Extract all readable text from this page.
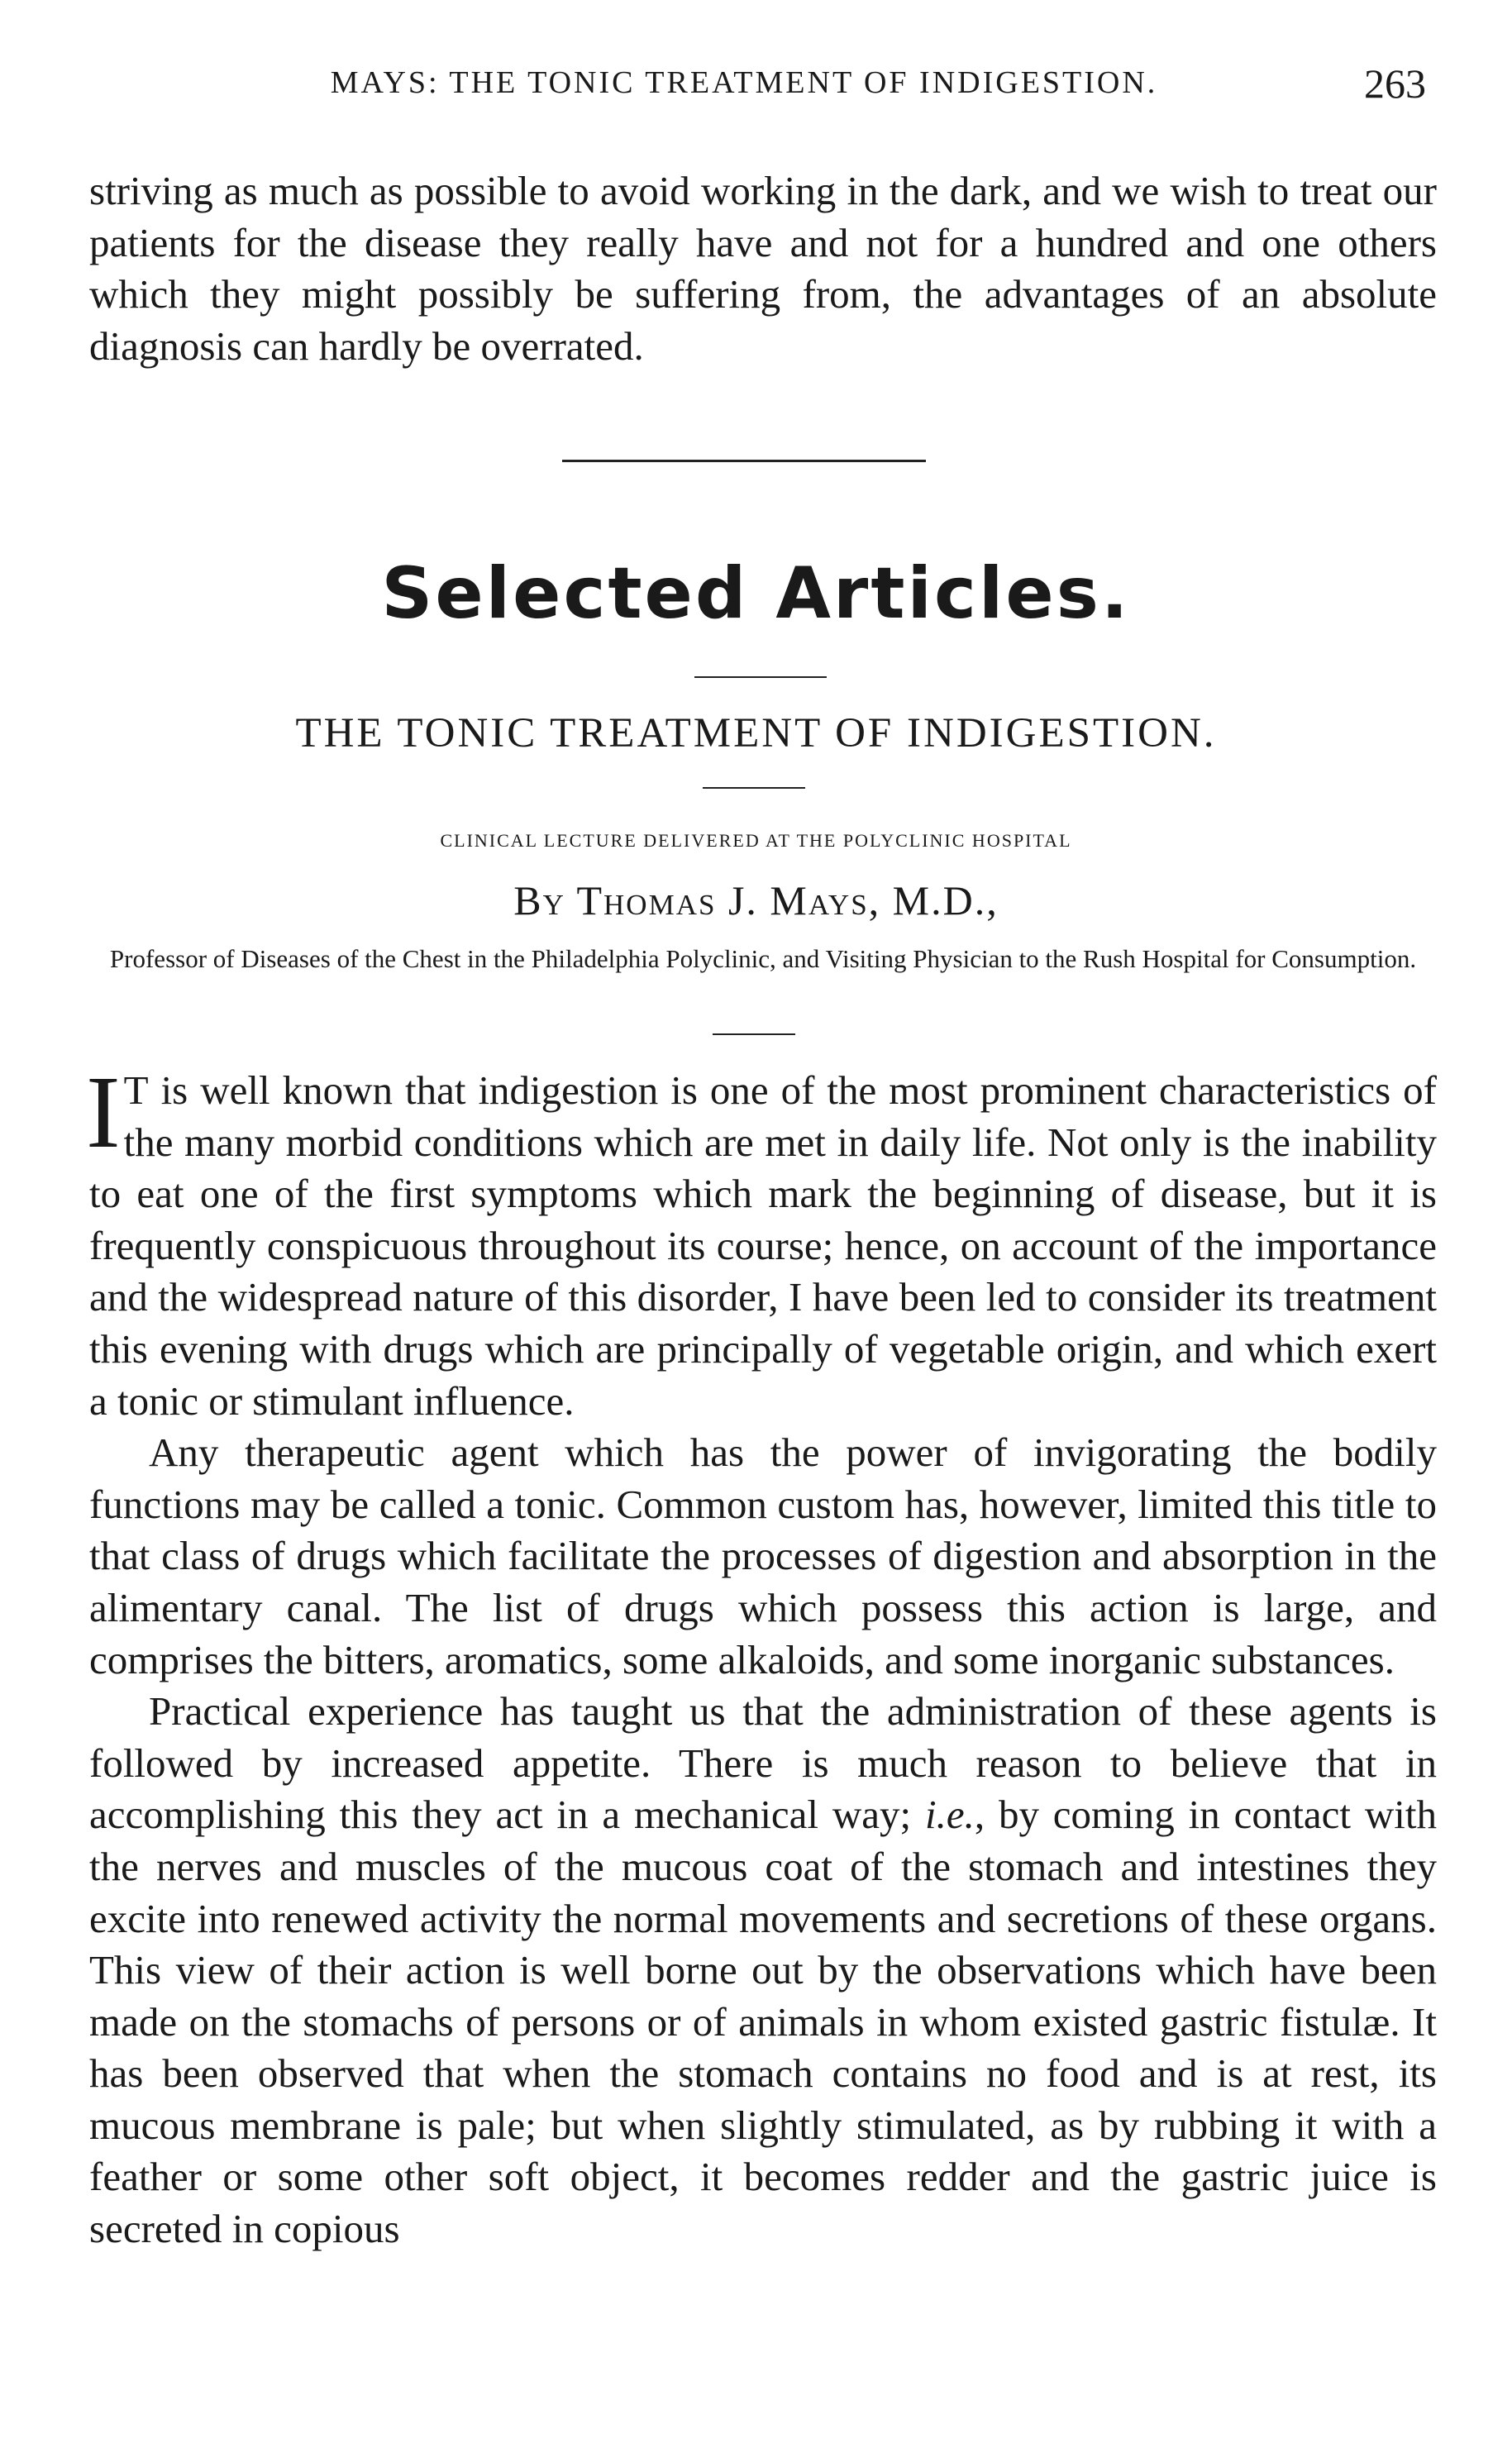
MAYS: THE TONIC TREATMENT OF INDIGESTION.	263

striving as much as possible to avoid working in the dark, and we wish to treat our patients for the disease they really have and not for a hundred and one others which they might possibly be suffering from, the advantages of an absolute diagnosis can hardly be overrated.

Selected Articles.
THE TONIC TREATMENT OF INDIGESTION.
CLINICAL LECTURE DELIVERED AT THE POLYCLINIC HOSPITAL
By Thomas J. Mays, M.D.,
Professor of Diseases of the Chest in the Philadelphia Polyclinic, and Visiting Physician to the Rush Hospital for Consumption.

I T is well known that indigestion is one of the most prominent characteristics of the many morbid conditions which are met in daily life. Not only is the inability to eat one of the first symptoms which mark the beginning of disease, but it is frequently conspicuous throughout its course; hence, on account of the importance and the widespread nature of this disorder, I have been led to consider its treatment this evening with drugs which are principally of vegetable origin, and which exert a tonic or stimulant influence.

Any therapeutic agent which has the power of invigorating the bodily functions may be called a tonic. Common custom has, however, limited this title to that class of drugs which facilitate the processes of digestion and absorption in the alimentary canal. The list of drugs which possess this action is large, and comprises the bitters, aromatics, some alkaloids, and some inorganic substances.

Practical experience has taught us that the administration of these agents is followed by increased appetite. There is much reason to believe that in accomplishing this they act in a mechanical way; i.e., by coming in contact with the nerves and muscles of the mucous coat of the stomach and intestines they excite into renewed activity the normal movements and secretions of these organs. This view of their action is well borne out by the observations which have been made on the stomachs of persons or of animals in whom existed gastric fistulæ. It has been observed that when the stomach contains no food and is at rest, its mucous membrane is pale; but when slightly stimulated, as by rubbing it with a feather or some other soft object, it becomes redder and the gastric juice is secreted in copious
